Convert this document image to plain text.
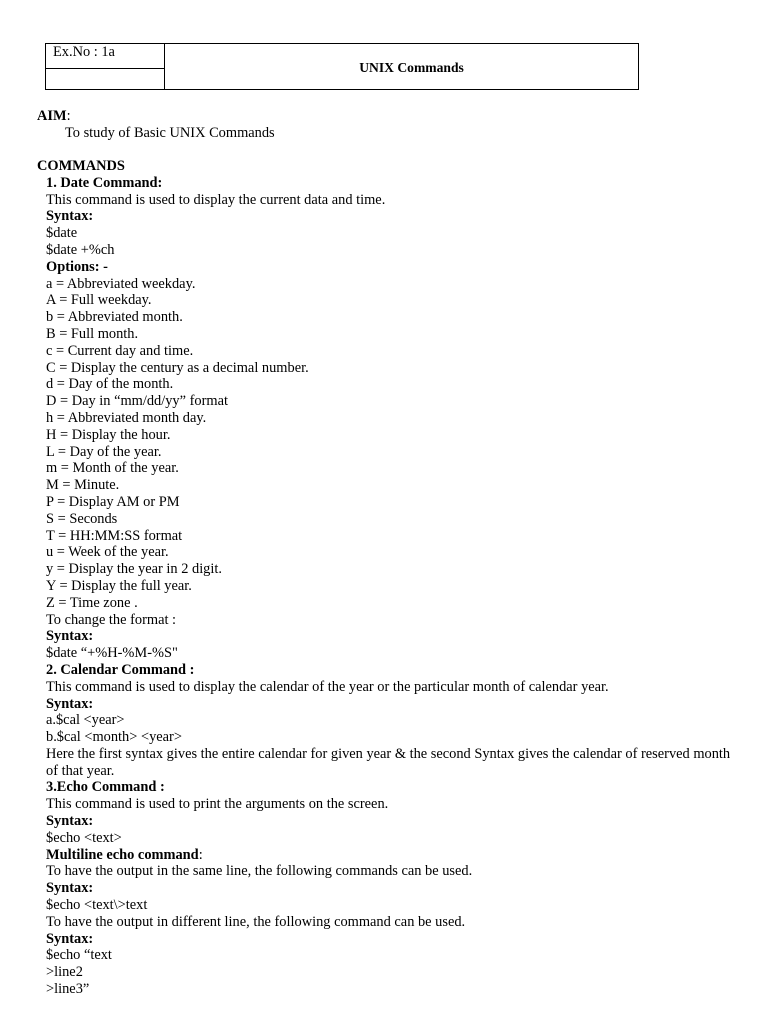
Ex.No : 1a
UNIX Commands
AIM:
To study of Basic UNIX Commands
COMMANDS
1. Date Command:
This command is used to display the current data and time.
Syntax:
$date
$date +%ch
Options: -
a = Abbreviated weekday.
A = Full weekday.
b = Abbreviated month.
B = Full month.
c = Current day and time.
C = Display the century as a decimal number.
d = Day of the month.
D = Day in “mm/dd/yy” format
h = Abbreviated month day.
H = Display the hour.
L = Day of the year.
m = Month of the year.
M = Minute.
P = Display AM or PM
S = Seconds
T = HH:MM:SS format
u = Week of the year.
y = Display the year in 2 digit.
Y = Display the full year.
Z = Time zone .
To change the format :
Syntax:
$date “+%H-%M-%S"
2. Calendar Command :
This command is used to display the calendar of the year or the particular month of calendar year.
Syntax:
a.$cal <year>
b.$cal <month> <year>
Here the first syntax gives the entire calendar for given year & the second Syntax gives the calendar of reserved month of that year.
3.Echo Command :
This command is used to print the arguments on the screen.
Syntax:
$echo <text>
Multiline echo command:
To have the output in the same line, the following commands can be used.
Syntax:
$echo <text\>text
To have the output in different line, the following command can be used.
Syntax:
$echo “text
>line2
>line3”
